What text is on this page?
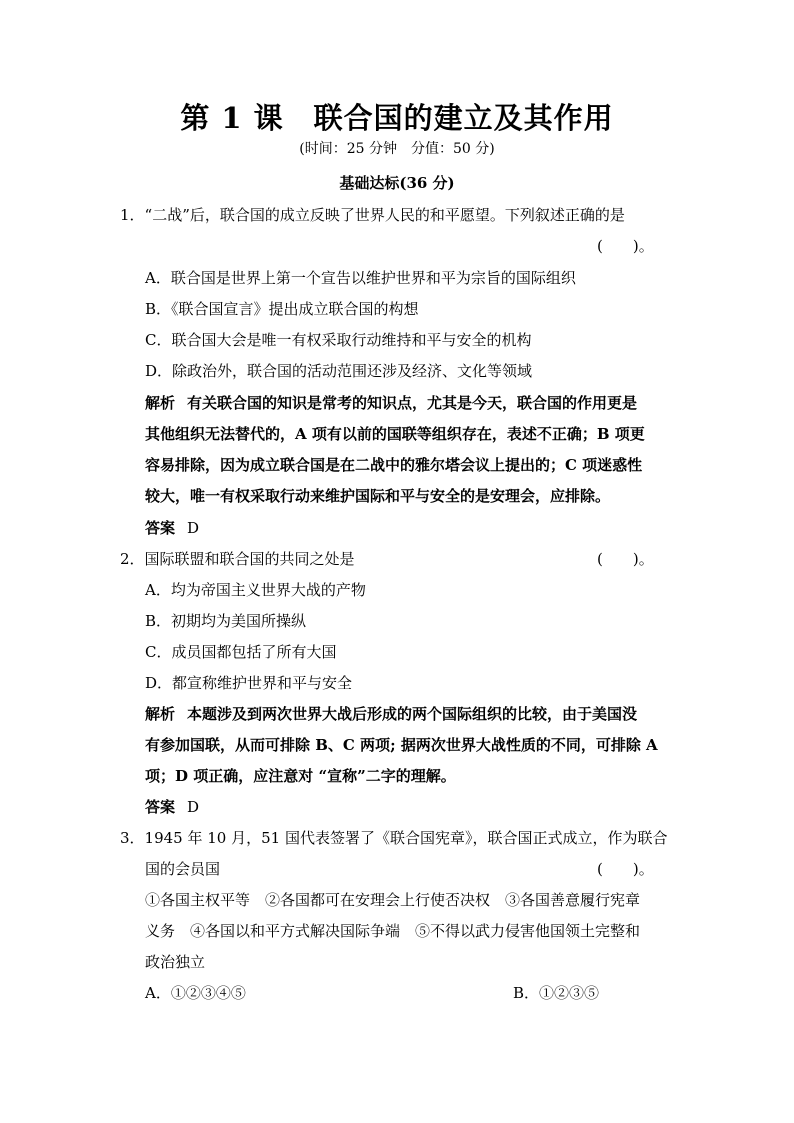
第 1 课　联合国的建立及其作用
(时间：25 分钟　分值：50 分)
基础达标(36 分)
1．“二战”后，联合国的成立反映了世界人民的和平愿望。下列叙述正确的是
(　　)。
A．联合国是世界上第一个宣告以维护世界和平为宗旨的国际组织
B．《联合国宣言》提出成立联合国的构想
C．联合国大会是唯一有权采取行动维持和平与安全的机构
D．除政治外，联合国的活动范围还涉及经济、文化等领域
解析 有关联合国的知识是常考的知识点，尤其是今天，联合国的作用更是
其他组织无法替代的，A 项有以前的国联等组织存在，表述不正确；B 项更
容易排除，因为成立联合国是在二战中的雅尔塔会议上提出的；C 项迷惑性
较大，唯一有权采取行动来维护国际和平与安全的是安理会，应排除。
答案 D
2．国际联盟和联合国的共同之处是	(　　)。
A．均为帝国主义世界大战的产物
B．初期均为美国所操纵
C．成员国都包括了所有大国
D．都宣称维护世界和平与安全
解析 本题涉及到两次世界大战后形成的两个国际组织的比较，由于美国没
有参加国联，从而可排除 B、C 两项; 据两次世界大战性质的不同，可排除 A
项；D 项正确，应注意对 “宣称”二字的理解。
答案 D
3．1945 年 10 月，51 国代表签署了《联合国宪章》，联合国正式成立，作为联合
国的会员国	(　　)。
①各国主权平等　②各国都可在安理会上行使否决权　③各国善意履行宪章
义务　④各国以和平方式解决国际争端　⑤不得以武力侵害他国领土完整和
政治独立
A．①②③④⑤	B．①②③⑤
